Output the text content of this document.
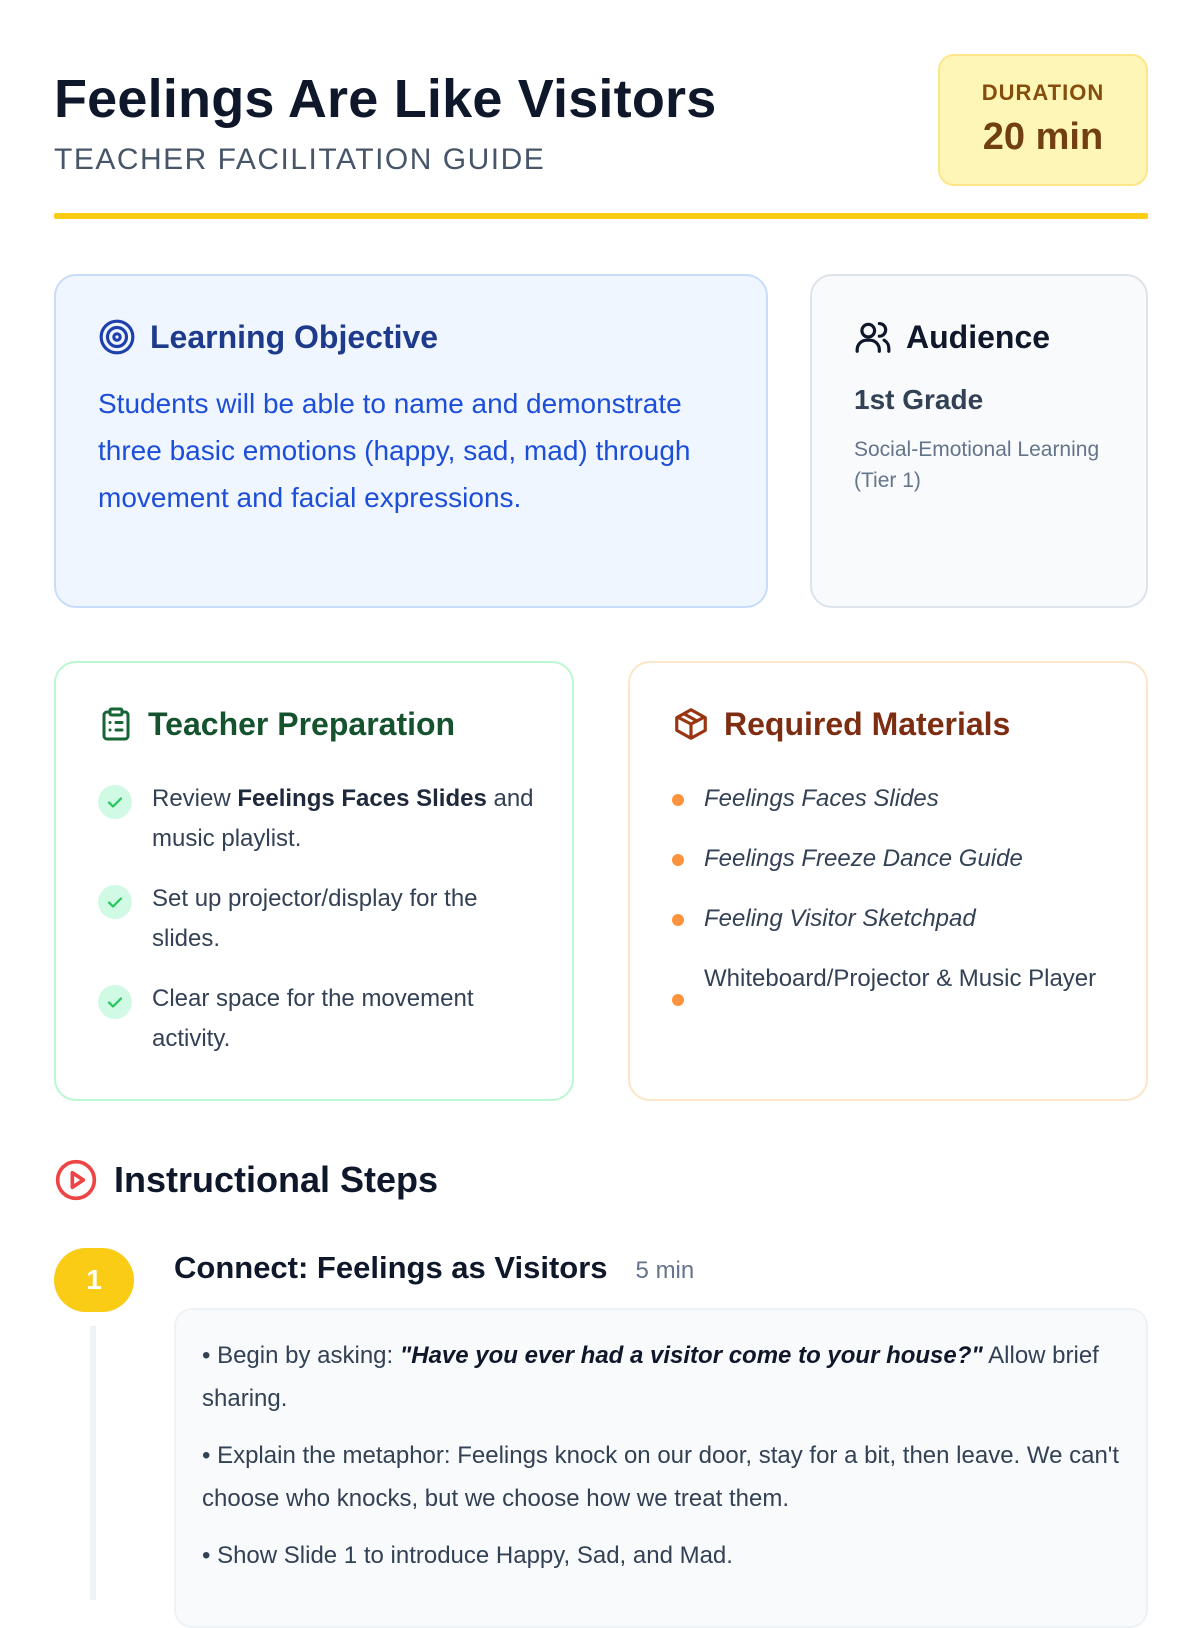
Feelings Are Like Visitors
TEACHER FACILITATION GUIDE
DURATION
20 min
Learning Objective
Students will be able to name and demonstrate three basic emotions (happy, sad, mad) through movement and facial expressions.
Audience
1st Grade
Social-Emotional Learning (Tier 1)
Teacher Preparation
Review Feelings Faces Slides and music playlist.
Set up projector/display for the slides.
Clear space for the movement activity.
Required Materials
Feelings Faces Slides
Feelings Freeze Dance Guide
Feeling Visitor Sketchpad
Whiteboard/Projector & Music Player
Instructional Steps
1	Connect: Feelings as Visitors 5 min

• Begin by asking: "Have you ever had a visitor come to your house?" Allow brief sharing.

• Explain the metaphor: Feelings knock on our door, stay for a bit, then leave. We can't choose who knocks, but we choose how we treat them.

• Show Slide 1 to introduce Happy, Sad, and Mad.
